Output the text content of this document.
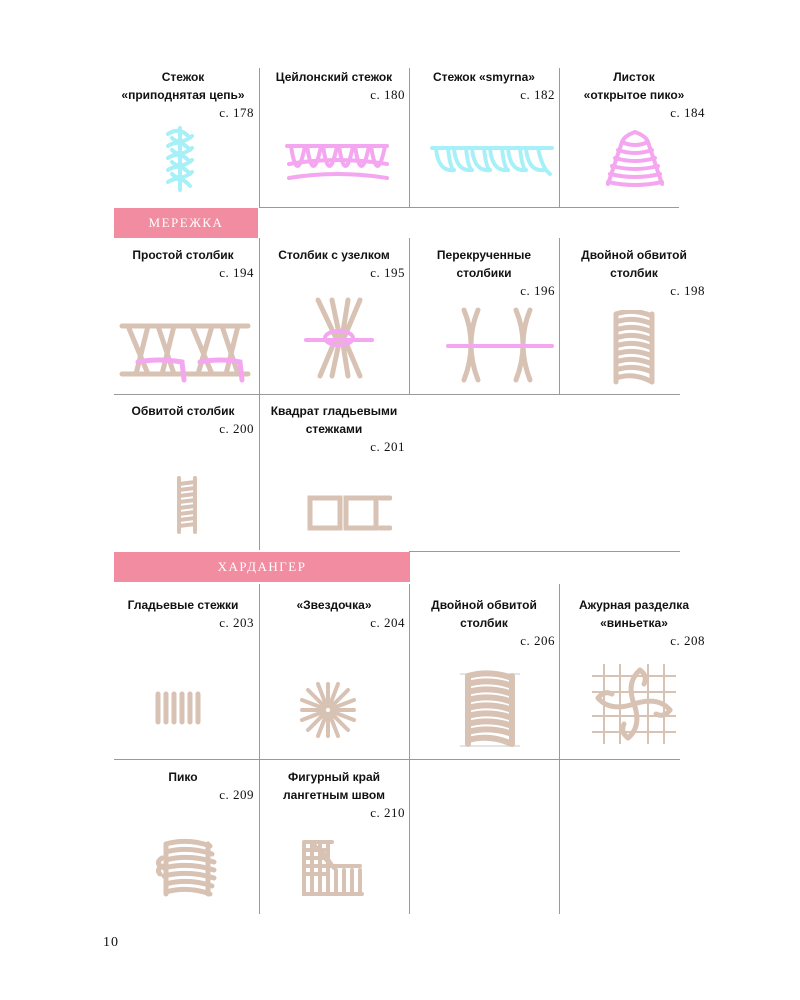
МЕРЕЖКА
ХАРДАНГЕР

Стежок
«приподнятая цепь»

с. 178

Цейлонский стежок

с. 180

Стежок «smyrna»

с. 182

Листок
«открытое пико»

с. 184

Простой столбик

с. 194

Столбик с узелком

с. 195

Перекрученные
столбики

с. 196

Двойной обвитой
столбик

с. 198

Обвитой столбик

с. 200

Квадрат гладьевыми
стежками

с. 201

Гладьевые стежки

с. 203

«Звездочка»

с. 204

Двойной обвитой
столбик

с. 206

Ажурная разделка
«виньетка»

с. 208

Пико

с. 209

Фигурный край
лангетным швом

с. 210

10
